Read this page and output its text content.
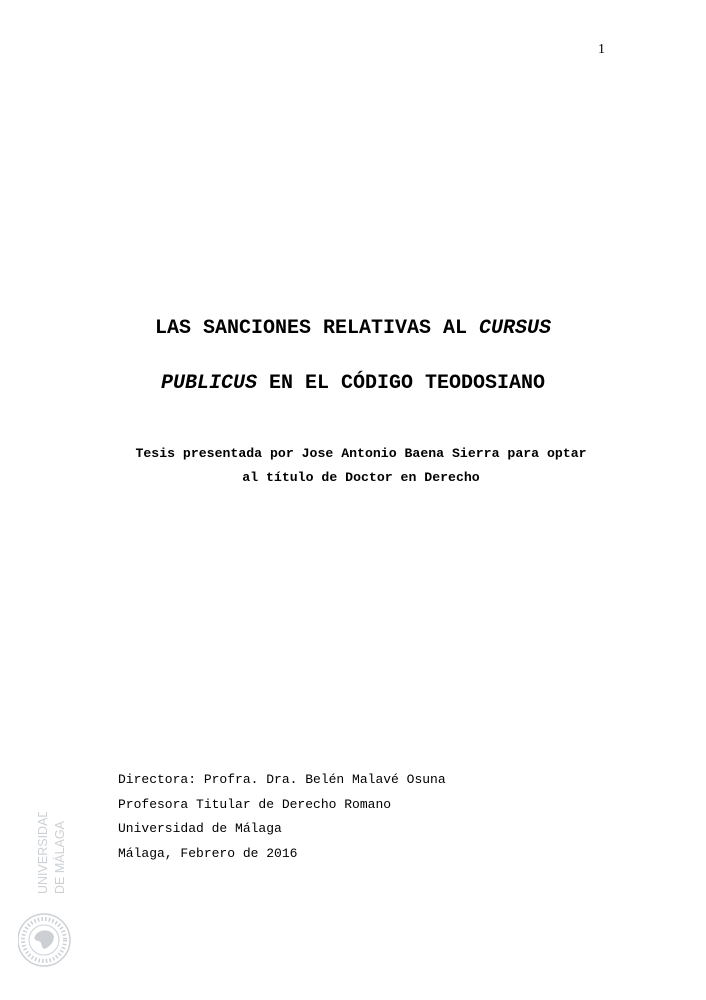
1
LAS SANCIONES RELATIVAS AL CURSUS
PUBLICUS EN EL CÓDIGO TEODOSIANO
Tesis presentada por Jose Antonio Baena Sierra para optar
al título de Doctor en Derecho
Directora: Profra. Dra. Belén Malavé Osuna
Profesora Titular de Derecho Romano
Universidad de Málaga
Málaga, Febrero de 2016
UNIVERSIDAD DE MÁLAGA
